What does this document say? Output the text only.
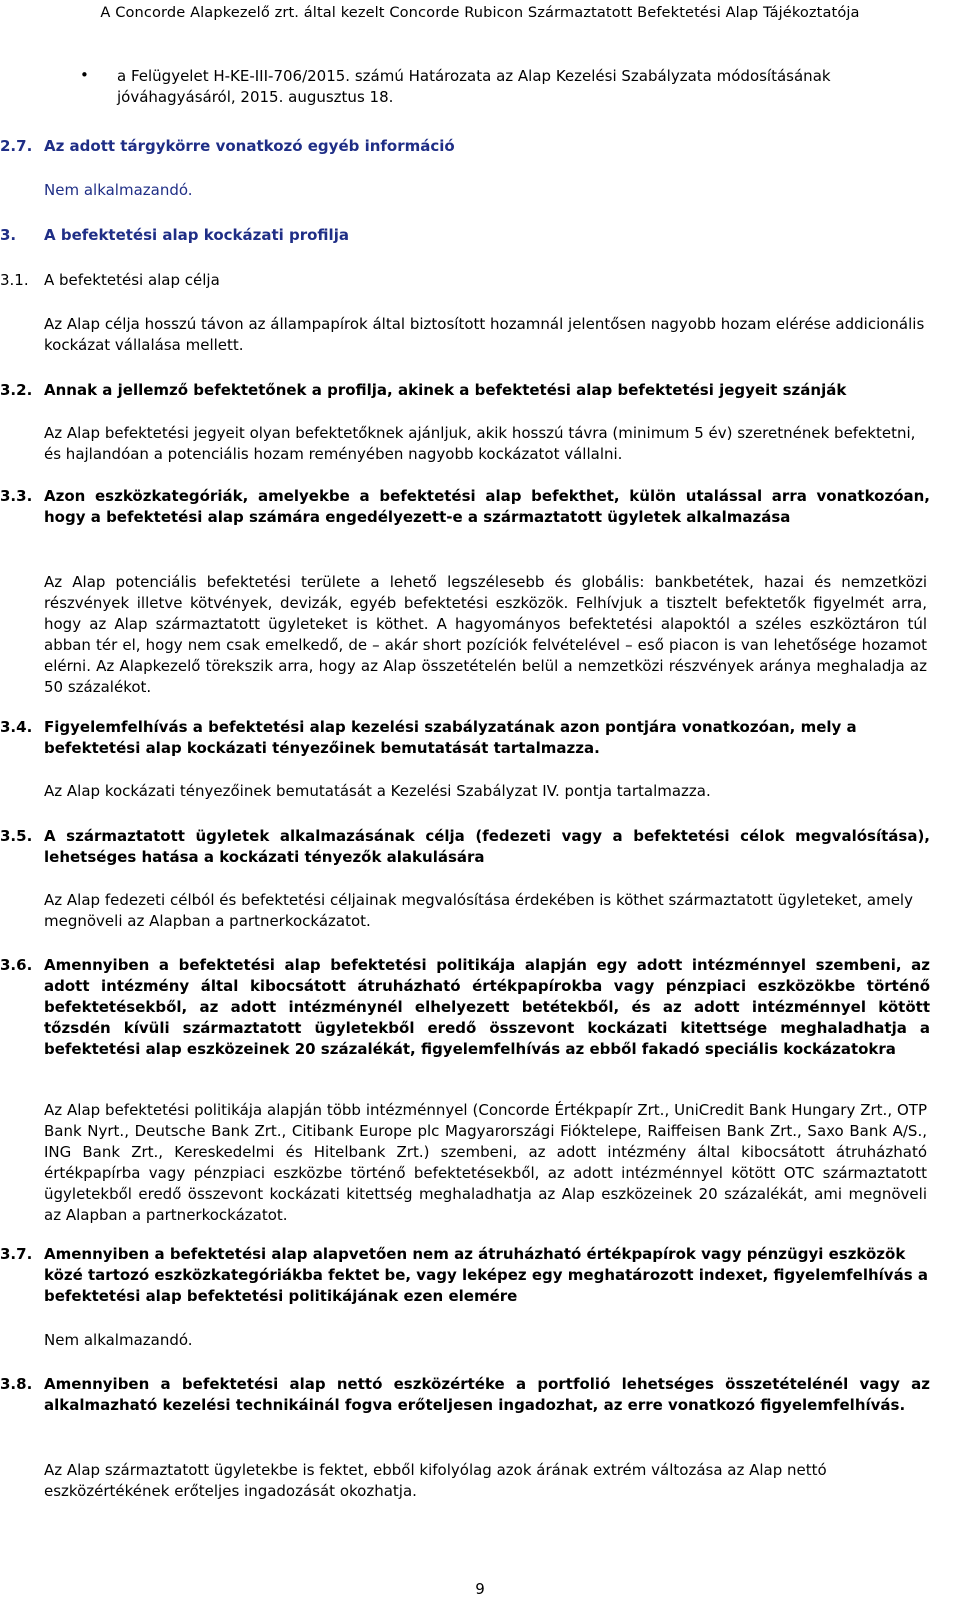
A Concorde Alapkezelő zrt. által kezelt Concorde Rubicon Származtatott Befektetési Alap Tájékoztatója
•	a Felügyelet H-KE-III-706/2015. számú Határozata az Alap Kezelési Szabályzata módosításának jóváhagyásáról, 2015. augusztus 18.
2.7. Az adott tárgykörre vonatkozó egyéb információ
Nem alkalmazandó.
3. A befektetési alap kockázati profilja
3.1. A befektetési alap célja
Az Alap célja hosszú távon az állampapírok által biztosított hozamnál jelentősen nagyobb hozam elérése addicionális kockázat vállalása mellett.
3.2. Annak a jellemző befektetőnek a profilja, akinek a befektetési alap befektetési jegyeit szánják
Az Alap befektetési jegyeit olyan befektetőknek ajánljuk, akik hosszú távra (minimum 5 év) szeretnének befektetni, és hajlandóan a potenciális hozam reményében nagyobb kockázatot vállalni.
3.3. Azon eszközkategóriák, amelyekbe a befektetési alap befekthet, külön utalással arra vonatkozóan, hogy a befektetési alap számára engedélyezett-e a származtatott ügyletek alkalmazása
Az Alap potenciális befektetési területe a lehető legszélesebb és globális: bankbetétek, hazai és nemzetközi részvények illetve kötvények, devizák, egyéb befektetési eszközök. Felhívjuk a tisztelt befektetők figyelmét arra, hogy az Alap származtatott ügyleteket is köthet. A hagyományos befektetési alapoktól a széles eszköztáron túl abban tér el, hogy nem csak emelkedő, de – akár short pozíciók felvételével – eső piacon is van lehetősége hozamot elérni. Az Alapkezelő törekszik arra, hogy az Alap összetételén belül a nemzetközi részvények aránya meghaladja az 50 százalékot.
3.4. Figyelemfelhívás a befektetési alap kezelési szabályzatának azon pontjára vonatkozóan, mely a befektetési alap kockázati tényezőinek bemutatását tartalmazza.
Az Alap kockázati tényezőinek bemutatását a Kezelési Szabályzat IV. pontja tartalmazza.
3.5. A származtatott ügyletek alkalmazásának célja (fedezeti vagy a befektetési célok megvalósítása), lehetséges hatása a kockázati tényezők alakulására
Az Alap fedezeti célból és befektetési céljainak megvalósítása érdekében is köthet származtatott ügyleteket, amely megnöveli az Alapban a partnerkockázatot.
3.6. Amennyiben a befektetési alap befektetési politikája alapján egy adott intézménnyel szembeni, az adott intézmény által kibocsátott átruházható értékpapírokba vagy pénzpiaci eszközökbe történő befektetésekből, az adott intézménynél elhelyezett betétekből, és az adott intézménnyel kötött tőzsdén kívüli származtatott ügyletekből eredő összevont kockázati kitettsége meghaladhatja a befektetési alap eszközeinek 20 százalékát, figyelemfelhívás az ebből fakadó speciális kockázatokra
Az Alap befektetési politikája alapján több intézménnyel (Concorde Értékpapír Zrt., UniCredit Bank Hungary Zrt., OTP Bank Nyrt., Deutsche Bank Zrt., Citibank Europe plc Magyarországi Fióktelepe, Raiffeisen Bank Zrt., Saxo Bank A/S., ING Bank Zrt., Kereskedelmi és Hitelbank Zrt.) szembeni, az adott intézmény által kibocsátott átruházható értékpapírba vagy pénzpiaci eszközbe történő befektetésekből, az adott intézménnyel kötött OTC származtatott ügyletekből eredő összevont kockázati kitettség meghaladhatja az Alap eszközeinek 20 százalékát, ami megnöveli az Alapban a partnerkockázatot.
3.7. Amennyiben a befektetési alap alapvetően nem az átruházható értékpapírok vagy pénzügyi eszközök közé tartozó eszközkategóriákba fektet be, vagy leképez egy meghatározott indexet, figyelemfelhívás a befektetési alap befektetési politikájának ezen elemére
Nem alkalmazandó.
3.8. Amennyiben a befektetési alap nettó eszközértéke a portfolió lehetséges összetételénél vagy az alkalmazható kezelési technikáinál fogva erőteljesen ingadozhat, az erre vonatkozó figyelemfelhívás.
Az Alap származtatott ügyletekbe is fektet, ebből kifolyólag azok árának extrém változása az Alap nettó eszközértékének erőteljes ingadozását okozhatja.
9
